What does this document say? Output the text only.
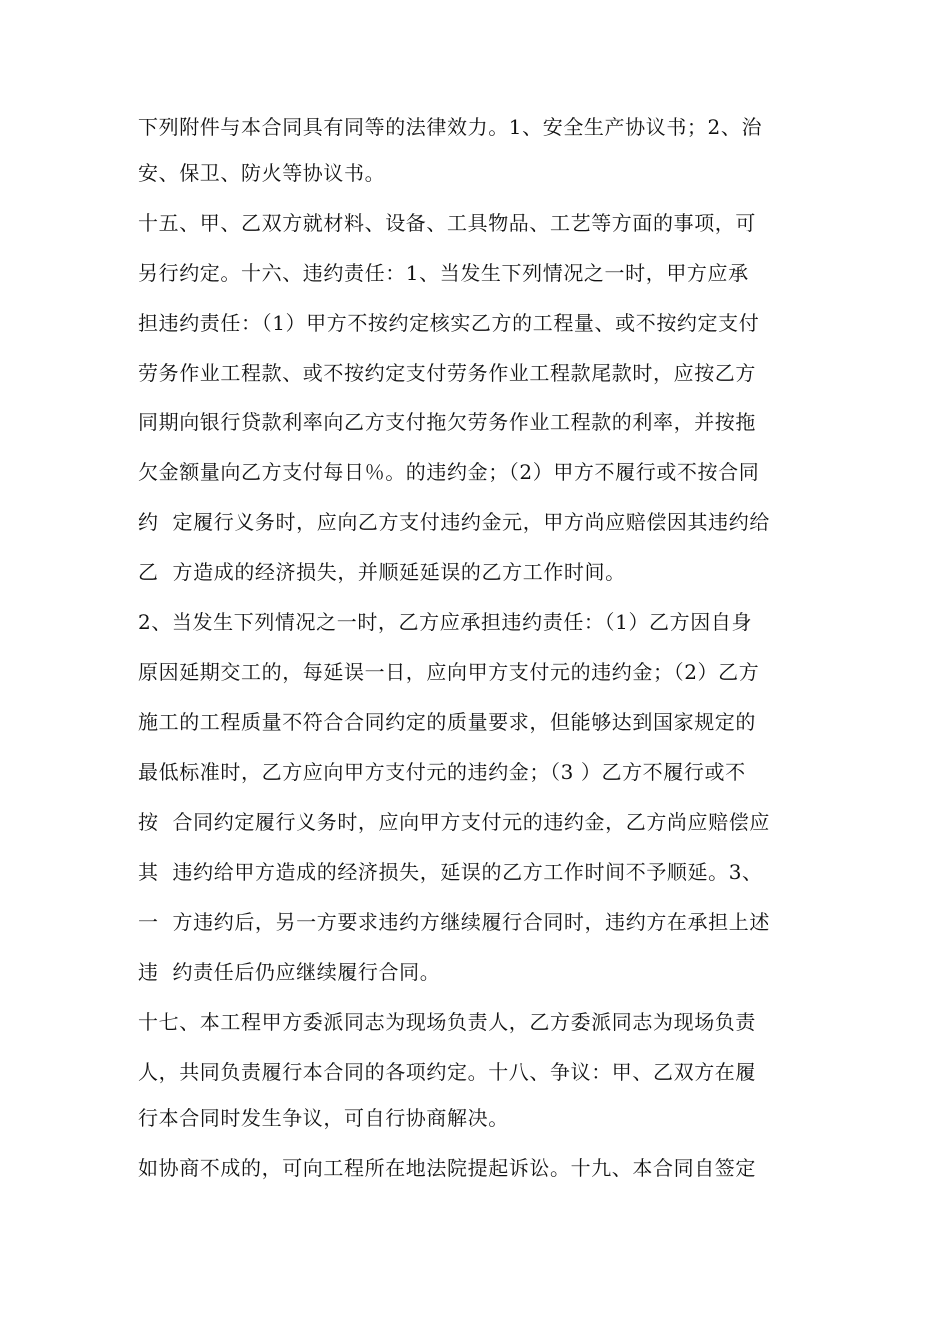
下列附件与本合同具有同等的法律效力。1、安全生产协议书；2、治
安、保卫、防火等协议书。
十五、甲、乙双方就材料、设备、工具物品、工艺等方面的事项，可
另行约定。十六、违约责任：1、当发生下列情况之一时，甲方应承
担违约责任：（1）甲方不按约定核实乙方的工程量、或不按约定支付
劳务作业工程款、或不按约定支付劳务作业工程款尾款时，应按乙方
同期向银行贷款利率向乙方支付拖欠劳务作业工程款的利率，并按拖
欠金额量向乙方支付每日％。的违约金；（2）甲方不履行或不按合同
约  定履行义务时，应向乙方支付违约金元，甲方尚应赔偿因其违约给
乙  方造成的经济损失，并顺延延误的乙方工作时间。
2、当发生下列情况之一时，乙方应承担违约责任：（1）乙方因自身
原因延期交工的，每延误一日，应向甲方支付元的违约金；（2）乙方
施工的工程质量不符合合同约定的质量要求，但能够达到国家规定的
最低标准时，乙方应向甲方支付元的违约金；（3 ）乙方不履行或不
按  合同约定履行义务时，应向甲方支付元的违约金，乙方尚应赔偿应
其  违约给甲方造成的经济损失，延误的乙方工作时间不予顺延。3、
一  方违约后，另一方要求违约方继续履行合同时，违约方在承担上述
违  约责任后仍应继续履行合同。
十七、本工程甲方委派同志为现场负责人，乙方委派同志为现场负责
人，共同负责履行本合同的各项约定。十八、争议：甲、乙双方在履
行本合同时发生争议，可自行协商解决。
如协商不成的，可向工程所在地法院提起诉讼。十九、本合同自签定
